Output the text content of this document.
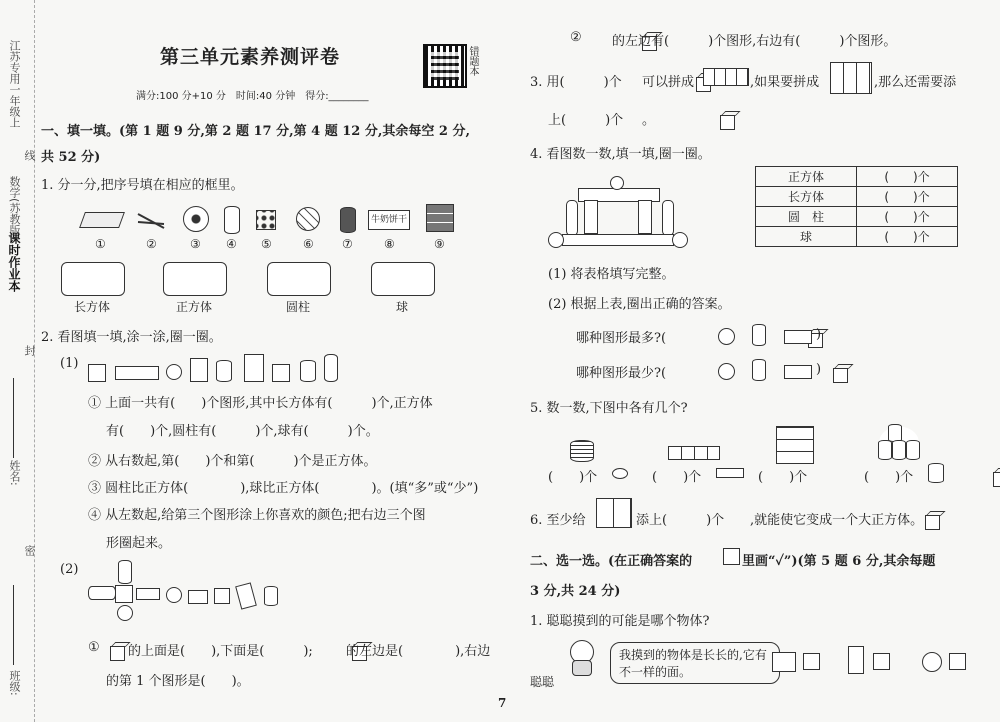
课时作业本
数学(苏教版)
江苏专用一年级上
线
封
密
姓名:
班级:
第三单元素养测评卷	错题本
满分:100 分+10 分　时间:40 分钟　得分:________
一、填一填。(第 1 题 9 分,第 2 题 17 分,第 4 题 12 分,其余每空 2 分,
共 52 分)
1. 分一分,把序号填在相应的框里。
牛奶饼干
①	②	③ ④ ⑤	⑥ ⑦	⑧	⑨
长方体	正方体	圆柱	球
2. 看图填一填,涂一涂,圈一圈。
(1)
① 上面一共有(　　)个图形,其中长方体有(　　　)个,正方体
有(　　)个,圆柱有(　　　)个,球有(　　　)个。
② 从右数起,第(　　)个和第(　　　)个是正方体。
③ 圆柱比正方体(　　　　),球比正方体(　　　　)。(填“多”或“少”)
④ 从左数起,给第三个图形涂上你喜欢的颜色;把右边三个图
形圈起来。
(2)
①
的上面是(　　),下面是(　　　);
	的左边是(　　　　),右边
的第 1 个图形是(　　)。
②
的左边有(　　　)个图形,右边有(　　　)个图形。
3. 用(　　　)个
可以拼成	,如果要拼成	,那么还需要添
上(　　　)个
。
4. 看图数一数,填一填,圈一圈。
正方体	(　　)个
长方体	(　　)个
圆　柱	(　　)个
球	(　　)个
(1) 将表格填写完整。
(2) 根据上表,圈出正确的答案。
哪种图形最多?(
	)
哪种图形最少?(
	)
5. 数一数,下图中各有几个?
(　　)个	(　　)个	(　　)个
	(　　)个
6. 至少给	添上(　　　)个 ,就能使它变成一个大正方体。
二、选一选。(在正确答案的	里画“✓”)(第 5 题 6 分,其余每题
3 分,共 24 分)
1. 聪聪摸到的可能是哪个物体?
聪聪
我摸到的物体是长长的,它有不一样的面。
7
